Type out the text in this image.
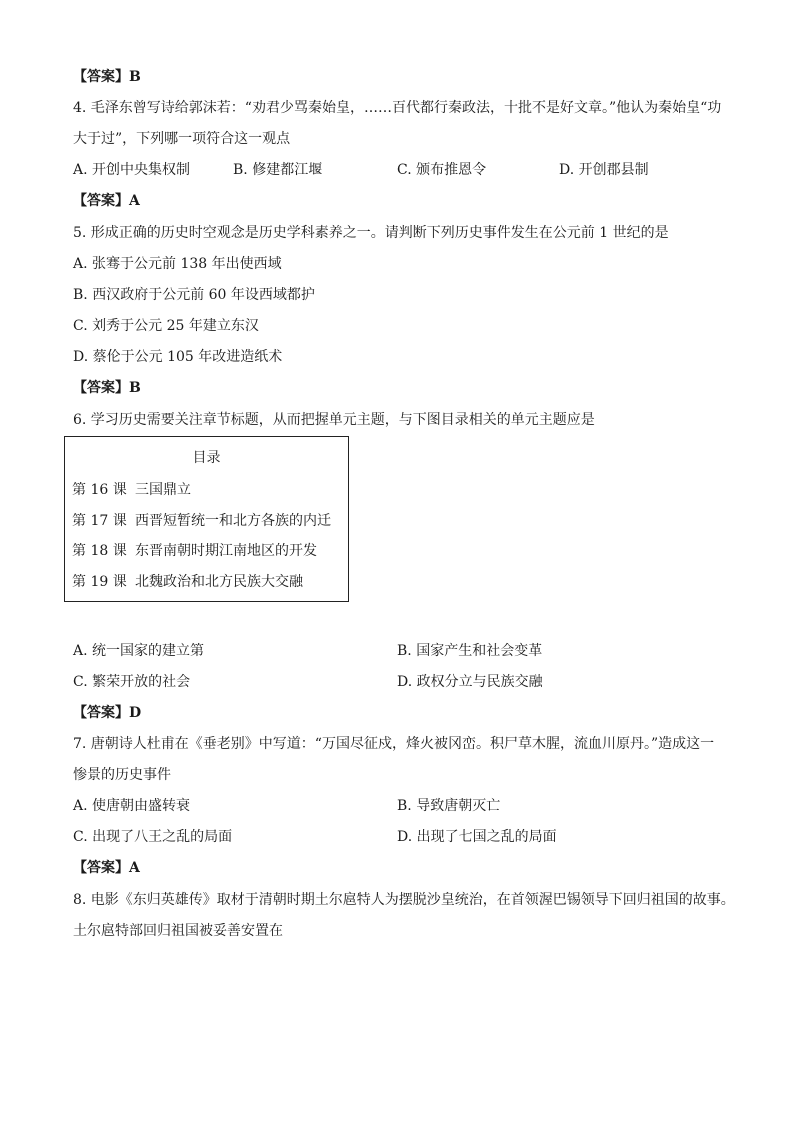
【答案】B
4. 毛泽东曾写诗给郭沫若：“劝君少骂秦始皇，……百代都行秦政法，十批不是好文章。”他认为秦始皇“功
大于过”，下列哪一项符合这一观点
A. 开创中央集权制	B. 修建都江堰	C. 颁布推恩令	D. 开创郡县制
【答案】A
5. 形成正确的历史时空观念是历史学科素养之一。请判断下列历史事件发生在公元前 1 世纪的是
A. 张骞于公元前 138 年出使西域
B. 西汉政府于公元前 60 年设西域都护
C. 刘秀于公元 25 年建立东汉
D. 蔡伦于公元 105 年改进造纸术
【答案】B
6. 学习历史需要关注章节标题，从而把握单元主题，与下图目录相关的单元主题应是
目录
第 16 课 三国鼎立
第 17 课 西晋短暂统一和北方各族的内迁
第 18 课 东晋南朝时期江南地区的开发
第 19 课 北魏政治和北方民族大交融
A. 统一国家的建立第	B. 国家产生和社会变革
C. 繁荣开放的社会	D. 政权分立与民族交融
【答案】D
7. 唐朝诗人杜甫在《垂老别》中写道：“万国尽征戍，烽火被冈峦。积尸草木腥，流血川原丹。”造成这一
惨景的历史事件
A. 使唐朝由盛转衰	B. 导致唐朝灭亡
C. 出现了八王之乱的局面	D. 出现了七国之乱的局面
【答案】A
8. 电影《东归英雄传》取材于清朝时期土尔扈特人为摆脱沙皇统治，在首领渥巴锡领导下回归祖国的故事。
土尔扈特部回归祖国被妥善安置在
